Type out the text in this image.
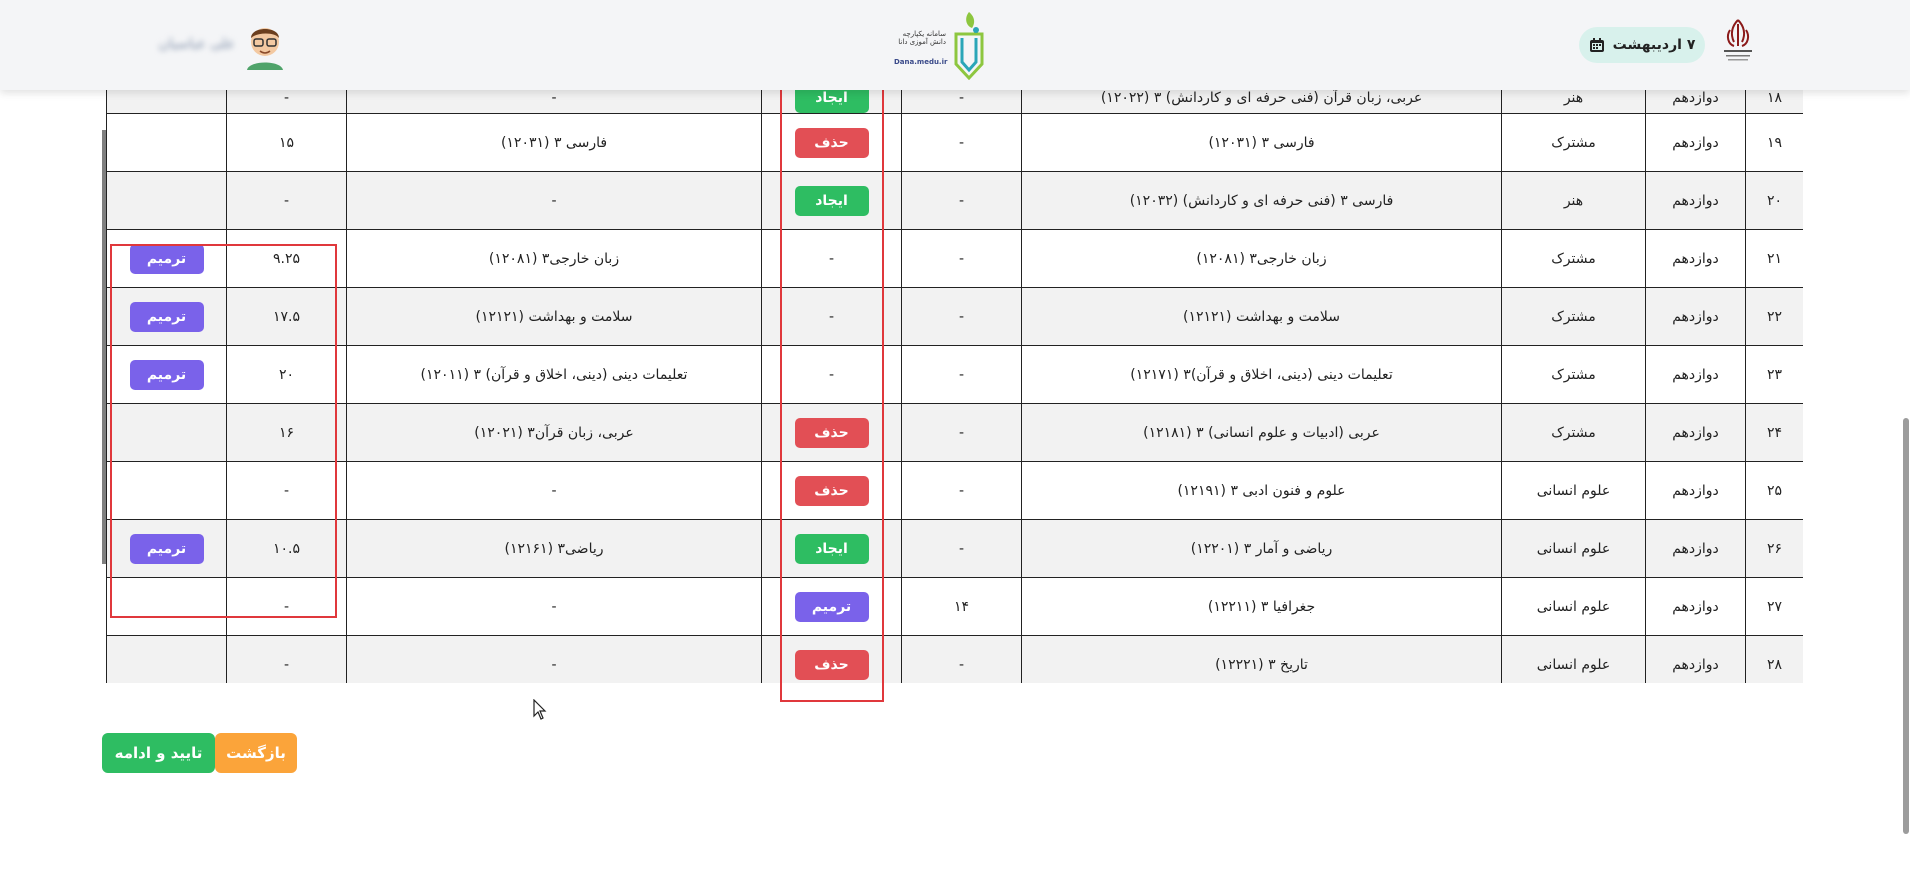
۷ اردیبهشت
سامانه یکپارچه دانش آموزی دانا
Dana.medu.ir
علی عباسیان
۱۸	دوازدهم	هنر	عربی، زبان قرآن (فنی حرفه ای و کاردانش) ۳ (۱۲۰۲۲)	-	ایجاد	-	-	
۱۹	دوازدهم	مشترک	فارسی ۳ (۱۲۰۳۱)	-	حذف	فارسی ۳ (۱۲۰۳۱)	۱۵	
۲۰	دوازدهم	هنر	فارسی ۳ (فنی حرفه ای و کاردانش) (۱۲۰۳۲)	-	ایجاد	-	-	
۲۱	دوازدهم	مشترک	زبان خارجی۳ (۱۲۰۸۱)	-	-	زبان خارجی۳ (۱۲۰۸۱)	۹.۲۵	ترمیم
۲۲	دوازدهم	مشترک	سلامت و بهداشت (۱۲۱۲۱)	-	-	سلامت و بهداشت (۱۲۱۲۱)	۱۷.۵	ترمیم
۲۳	دوازدهم	مشترک	تعلیمات دینی (دینی، اخلاق و قرآن)۳ (۱۲۱۷۱)	-	-	تعلیمات دینی (دینی، اخلاق و قرآن) ۳ (۱۲۰۱۱)	۲۰	ترمیم
۲۴	دوازدهم	مشترک	عربی (ادبیات و علوم انسانی) ۳ (۱۲۱۸۱)	-	حذف	عربی، زبان قرآن۳ (۱۲۰۲۱)	۱۶	
۲۵	دوازدهم	علوم انسانی	علوم و فنون ادبی ۳ (۱۲۱۹۱)	-	حذف	-	-	
۲۶	دوازدهم	علوم انسانی	ریاضی و آمار ۳ (۱۲۲۰۱)	-	ایجاد	ریاضی۳ (۱۲۱۶۱)	۱۰.۵	ترمیم
۲۷	دوازدهم	علوم انسانی	جغرافیا ۳ (۱۲۲۱۱)	۱۴	ترمیم	-	-	
۲۸	دوازدهم	علوم انسانی	تاریخ ۳ (۱۲۲۲۱)	-	حذف	-	-	
تایید و ادامه	بازگشت
